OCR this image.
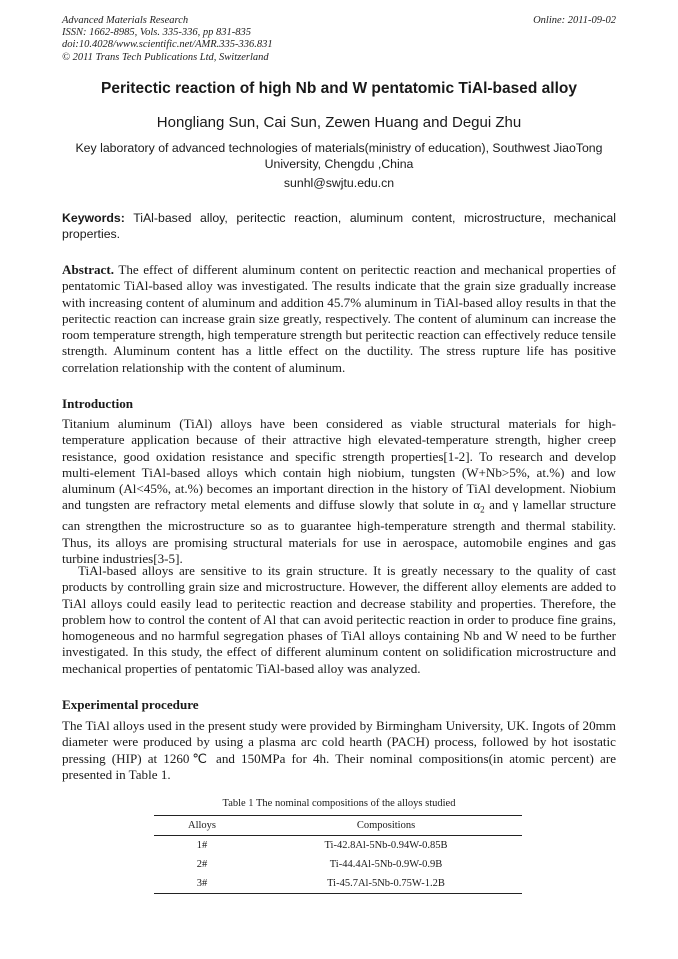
Advanced Materials Research
ISSN: 1662-8985, Vols. 335-336, pp 831-835
doi:10.4028/www.scientific.net/AMR.335-336.831
© 2011 Trans Tech Publications Ltd, Switzerland
Online: 2011-09-02
Peritectic reaction of high Nb and W pentatomic TiAl-based alloy
Hongliang Sun, Cai Sun, Zewen Huang and Degui Zhu
Key laboratory of advanced technologies of materials(ministry of education), Southwest JiaoTong University, Chengdu ,China
sunhl@swjtu.edu.cn
Keywords: TiAl-based alloy, peritectic reaction, aluminum content, microstructure, mechanical properties.
Abstract. The effect of different aluminum content on peritectic reaction and mechanical properties of pentatomic TiAl-based alloy was investigated. The results indicate that the grain size gradually increase with increasing content of aluminum and addition 45.7% aluminum in TiAl-based alloy results in that the peritectic reaction can increase grain size greatly, respectively. The content of aluminum can increase the room temperature strength, high temperature strength but peritectic reaction can effectively reduce tensile strength. Aluminum content has a little effect on the ductility. The stress rupture life has positive correlation relationship with the content of aluminum.
Introduction
Titanium aluminum (TiAl) alloys have been considered as viable structural materials for high-temperature application because of their attractive high elevated-temperature strength, higher creep resistance, good oxidation resistance and specific strength properties[1-2]. To research and develop multi-element TiAl-based alloys which contain high niobium, tungsten (W+Nb>5%, at.%) and low aluminum (Al<45%, at.%) becomes an important direction in the history of TiAl development. Niobium and tungsten are refractory metal elements and diffuse slowly that solute in $\alpha_2$ and γ lamellar structure can strengthen the microstructure so as to guarantee high-temperature strength and thermal stability. Thus, its alloys are promising structural materials for use in aerospace, automobile engines and gas turbine industries[3-5].
TiAl-based alloys are sensitive to its grain structure. It is greatly necessary to the quality of cast products by controlling grain size and microstructure. However, the different alloy elements are added to TiAl alloys could easily lead to peritectic reaction and decrease stability and properties. Therefore, the problem how to control the content of Al that can avoid peritectic reaction in order to produce fine grains, homogeneous and no harmful segregation phases of TiAl alloys containing Nb and W need to be further investigated. In this study, the effect of different aluminum content on solidification microstructure and mechanical properties of pentatomic TiAl-based alloy was analyzed.
Experimental procedure
The TiAl alloys used in the present study were provided by Birmingham University, UK. Ingots of 20mm diameter were produced by using a plasma arc cold hearth (PACH) process, followed by hot isostatic pressing (HIP) at 1260℃ and 150MPa for 4h. Their nominal compositions(in atomic percent) are presented in Table 1.
Table 1 The nominal compositions of the alloys studied
Alloys	Compositions
1#	Ti-42.8Al-5Nb-0.94W-0.85B
2#	Ti-44.4Al-5Nb-0.9W-0.9B
3#	Ti-45.7Al-5Nb-0.75W-1.2B
